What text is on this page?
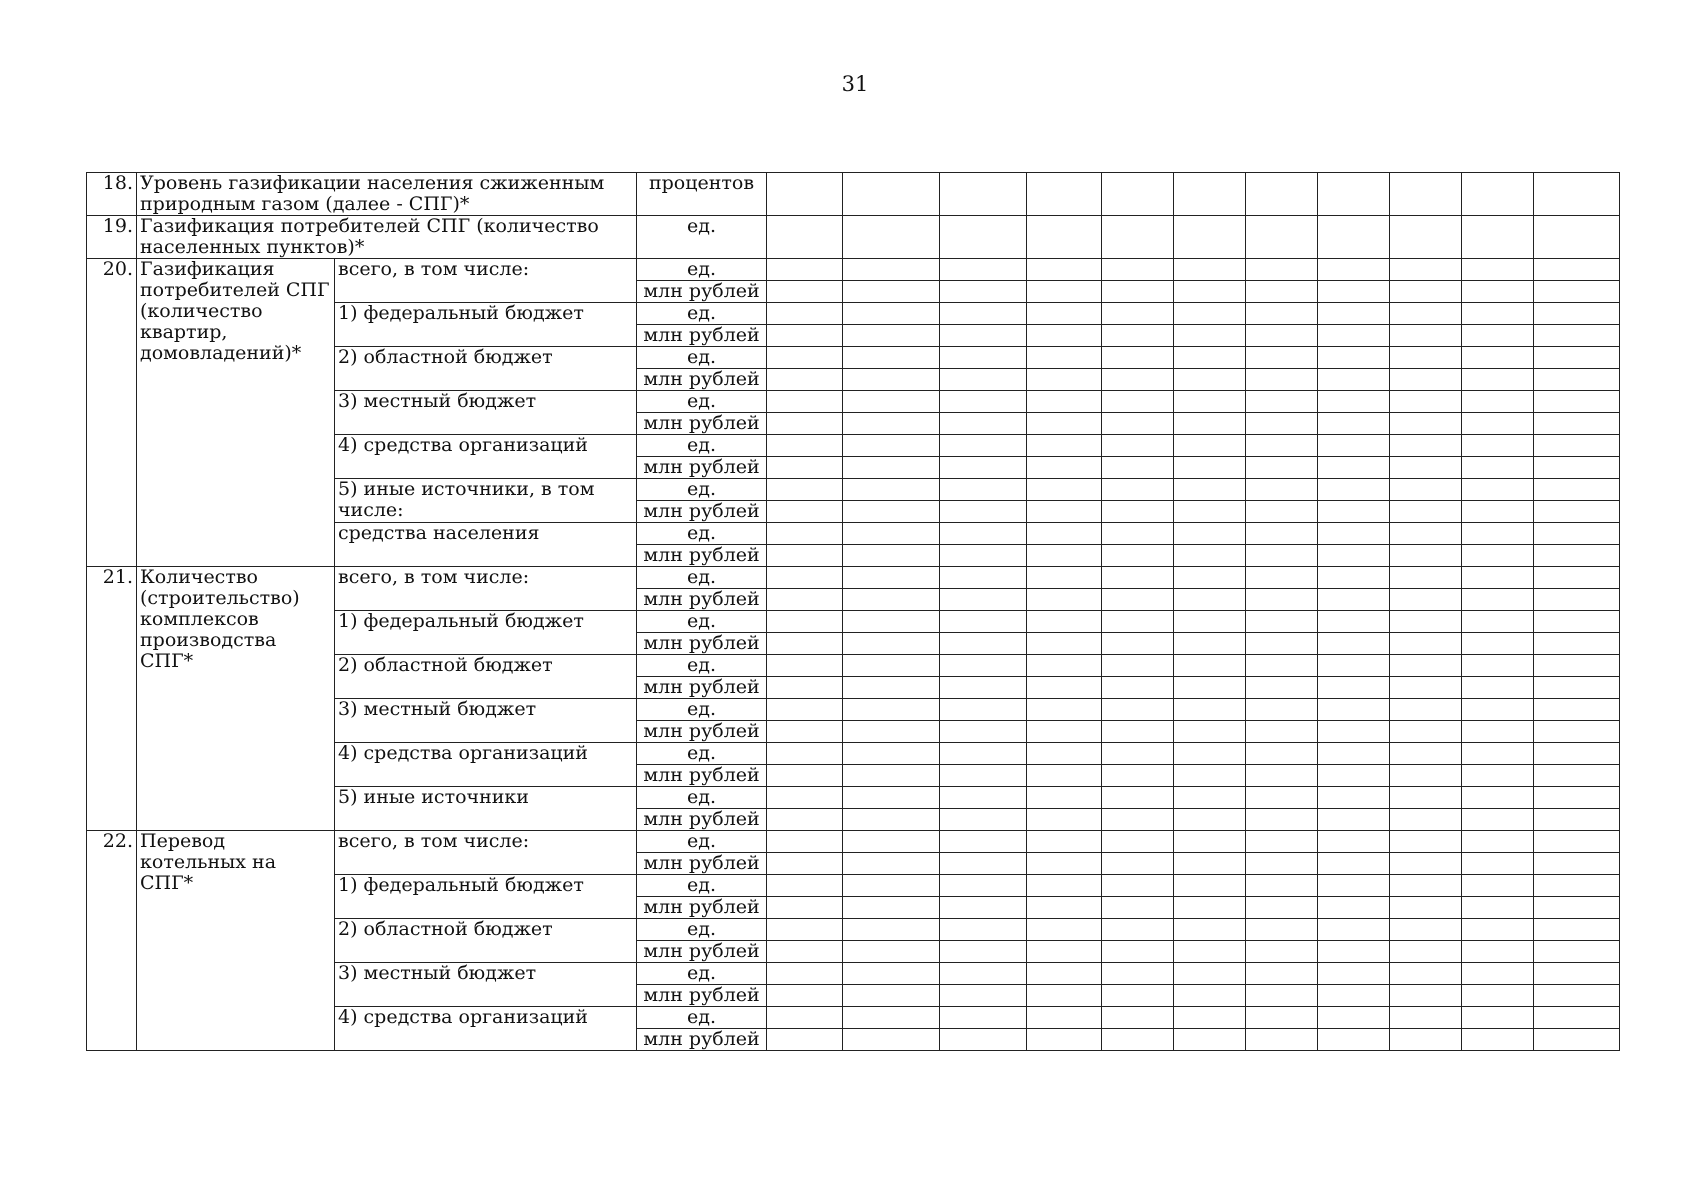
31
18.	Уровень газификации населения сжиженным природным газом (далее - СПГ)*		процентов											

19.	Газификация потребителей СПГ (количество населенных пунктов)*		ед.											

20.	Газификация потребителей СПГ (количество квартир, домовладений)*	всего, в том числе:	ед.											
			млн рублей											
		1) федеральный бюджет	ед.											
			млн рублей											
		2) областной бюджет	ед.											
			млн рублей											
		3) местный бюджет	ед.											
			млн рублей											
		4) средства организаций	ед.											
			млн рублей											
		5) иные источники, в том числе:	ед.											
			млн рублей											
		средства населения	ед.											
			млн рублей											
21.	Количество (строительство) комплексов производства СПГ*	всего, в том числе:	ед.											
			млн рублей											
		1) федеральный бюджет	ед.											
			млн рублей											
		2) областной бюджет	ед.											
			млн рублей											
		3) местный бюджет	ед.											
			млн рублей											
		4) средства организаций	ед.											
			млн рублей											
		5) иные источники	ед.											
			млн рублей											
22.	Перевод котельных на СПГ*	всего, в том числе:	ед.											
			млн рублей											
		1) федеральный бюджет	ед.											
			млн рублей											
		2) областной бюджет	ед.											
			млн рублей											
		3) местный бюджет	ед.											
			млн рублей											
		4) средства организаций	ед.											
			млн рублей											
